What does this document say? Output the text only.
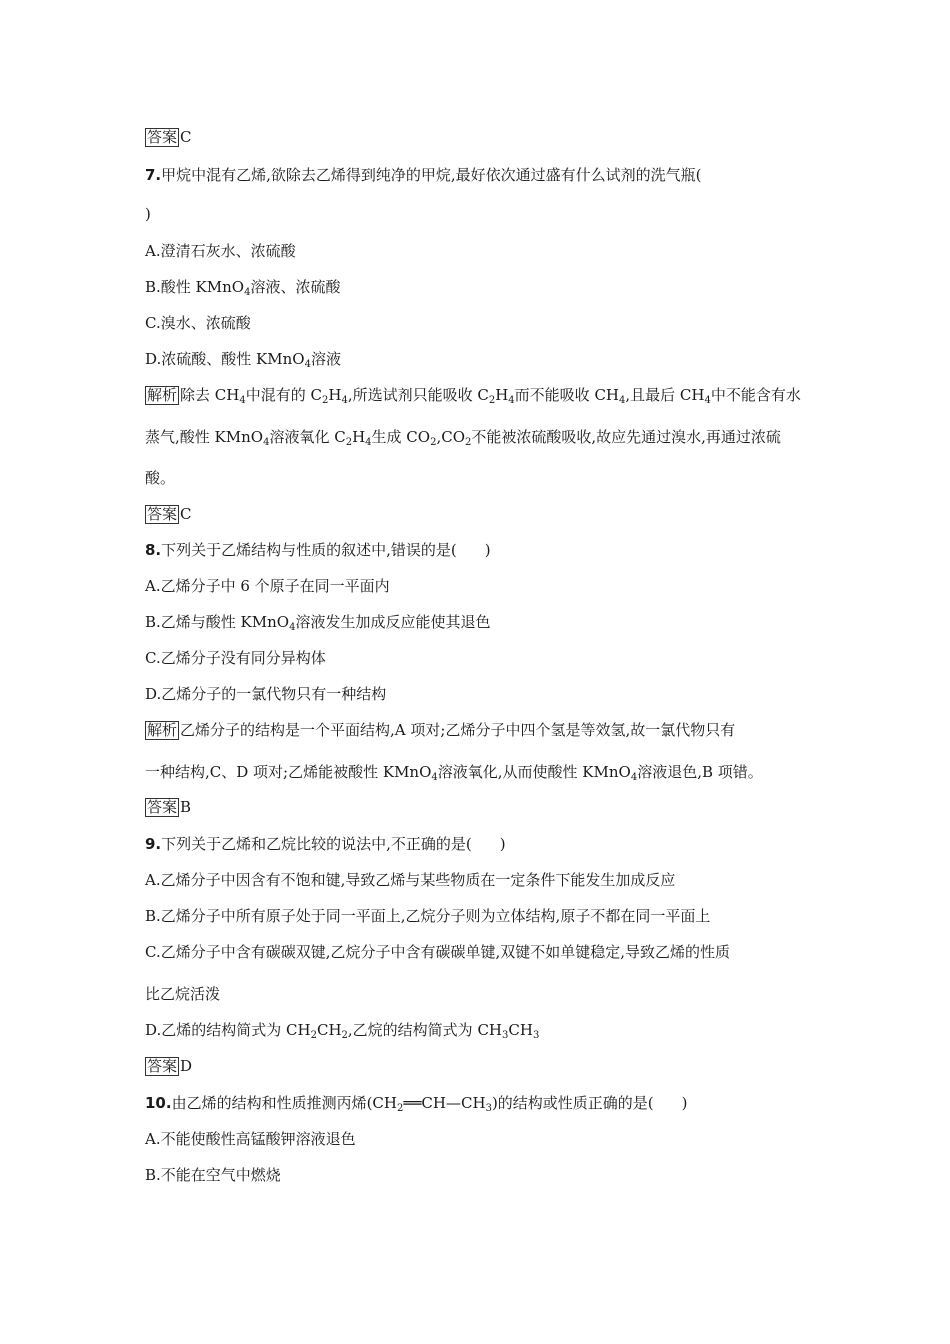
答案 C
7.甲烷中混有乙烯,欲除去乙烯得到纯净的甲烷,最好依次通过盛有什么试剂的洗气瓶(
)
A.澄清石灰水、浓硫酸
B.酸性 KMnO$_4$溶液、浓硫酸
C.溴水、浓硫酸
D.浓硫酸、酸性 KMnO$_4$溶液
解析 除去 $CH_4$中混有的 $C_2H_4$,所选试剂只能吸收 $C_2H_4$而不能吸收 $CH_4$,且最后 $CH_4$中不能含有水
蒸气,酸性 KMnO$_4$溶液氧化 $C_2H_4$生成 $CO_2,CO_2$不能被浓硫酸吸收,故应先通过溴水,再通过浓硫
酸。
答案 C
8.下列关于乙烯结构与性质的叙述中,错误的是( )
A.乙烯分子中 6 个原子在同一平面内
B.乙烯与酸性 KMnO$_4$溶液发生加成反应能使其退色
C.乙烯分子没有同分异构体
D.乙烯分子的一氯代物只有一种结构
解析 乙烯分子的结构是一个平面结构,A 项对;乙烯分子中四个氢是等效氢,故一氯代物只有
一种结构,C、D 项对;乙烯能被酸性 KMnO$_4$溶液氧化,从而使酸性 KMnO$_4$溶液退色,B 项错。
答案 B
9.下列关于乙烯和乙烷比较的说法中,不正确的是( )
A.乙烯分子中因含有不饱和键,导致乙烯与某些物质在一定条件下能发生加成反应
B.乙烯分子中所有原子处于同一平面上,乙烷分子则为立体结构,原子不都在同一平面上
C.乙烯分子中含有碳碳双键,乙烷分子中含有碳碳单键,双键不如单键稳定,导致乙烯的性质
比乙烷活泼
D.乙烯的结构简式为 $CH_2CH_2$,乙烷的结构简式为 $CH_3CH_3$
答案 D
10.由乙烯的结构和性质推测丙烯$(CH_2══CH—CH_3)$的结构或性质正确的是( )
A.不能使酸性高锰酸钾溶液退色
B.不能在空气中燃烧
